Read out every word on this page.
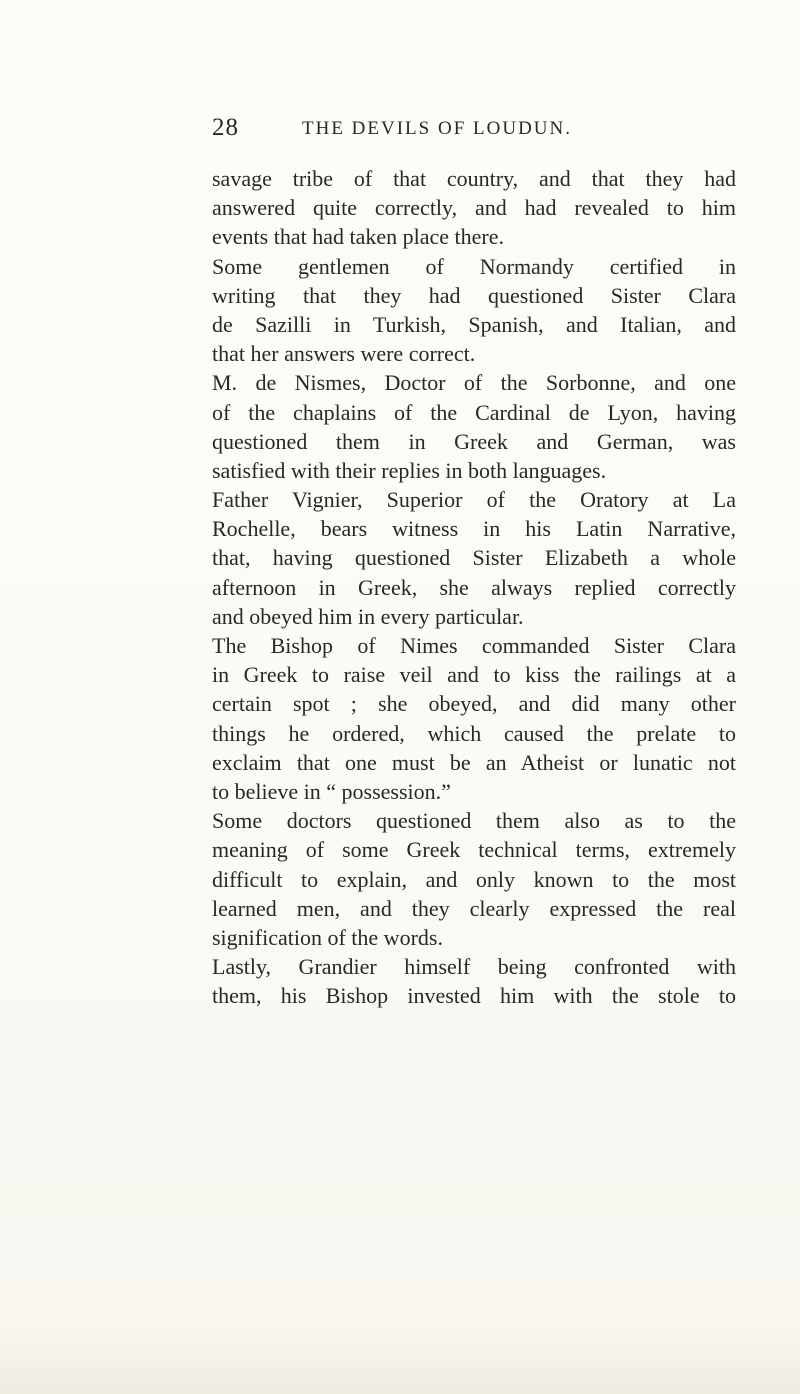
28	THE DEVILS OF LOUDUN.
savage tribe of that country, and that they had
answered quite correctly, and had revealed to him
events that had taken place there.
Some gentlemen of Normandy certified in
writing that they had questioned Sister Clara
de Sazilli in Turkish, Spanish, and Italian, and
that her answers were correct.
M. de Nismes, Doctor of the Sorbonne, and one
of the chaplains of the Cardinal de Lyon, having
questioned them in Greek and German, was
satisfied with their replies in both languages.
Father Vignier, Superior of the Oratory at La
Rochelle, bears witness in his Latin Narrative,
that, having questioned Sister Elizabeth a whole
afternoon in Greek, she always replied correctly
and obeyed him in every particular.
The Bishop of Nimes commanded Sister Clara
in Greek to raise veil and to kiss the railings at a
certain spot ; she obeyed, and did many other
things he ordered, which caused the prelate to
exclaim that one must be an Atheist or lunatic not
to believe in “ possession.”
Some doctors questioned them also as to the
meaning of some Greek technical terms, extremely
difficult to explain, and only known to the most
learned men, and they clearly expressed the real
signification of the words.
Lastly, Grandier himself being confronted with
them, his Bishop invested him with the stole to
